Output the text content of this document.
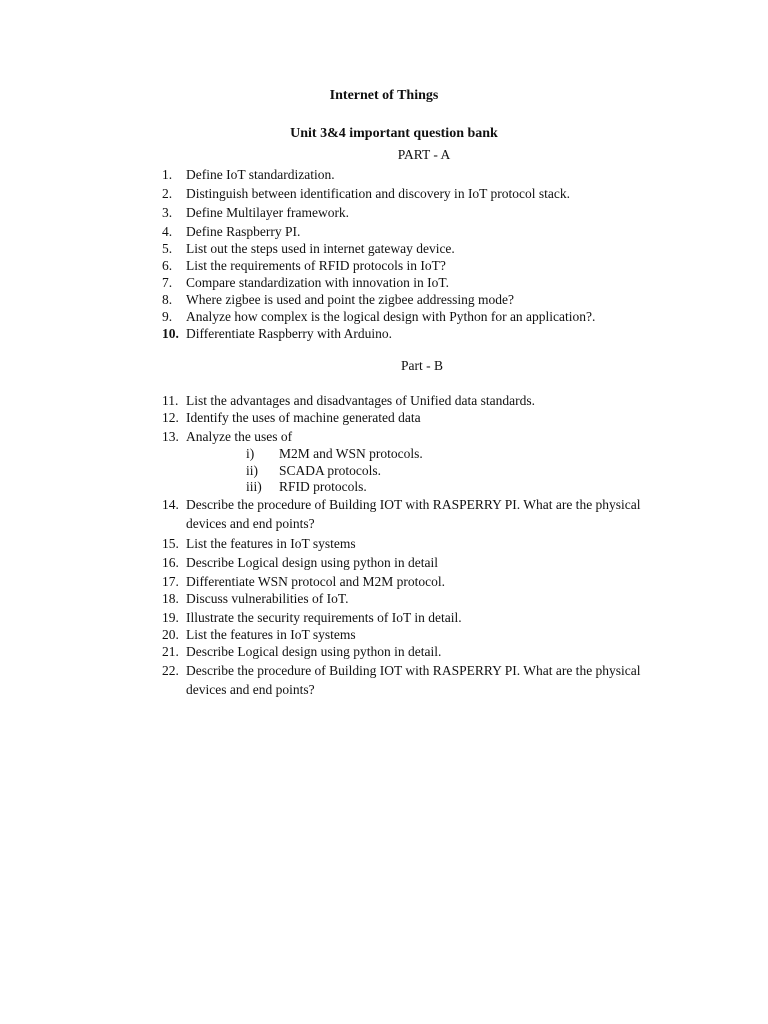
Internet of Things
Unit 3&4 important question bank
PART - A
1. Define IoT standardization.
2. Distinguish between identification and discovery in IoT protocol stack.
3. Define Multilayer framework.
4. Define Raspberry PI.
5. List out the steps used in internet gateway device.
6. List the requirements of RFID protocols in IoT?
7. Compare standardization with innovation in IoT.
8. Where zigbee is used and point the zigbee addressing mode?
9. Analyze how complex is the logical design with Python for an application?.
10. Differentiate Raspberry with Arduino.
Part - B
11. List the advantages and disadvantages of Unified data standards.
12. Identify the uses of machine generated data
13. Analyze the uses of
i) M2M and WSN protocols.
ii) SCADA protocols.
iii) RFID protocols.
14. Describe the procedure of Building IOT with RASPERRY PI. What are the physical devices and end points?
15. List the features in IoT systems
16. Describe Logical design using python in detail
17. Differentiate WSN protocol and M2M protocol.
18. Discuss vulnerabilities of IoT.
19. Illustrate the security requirements of IoT in detail.
20. List the features in IoT systems
21. Describe Logical design using python in detail.
22. Describe the procedure of Building IOT with RASPERRY PI. What are the physical devices and end points?
